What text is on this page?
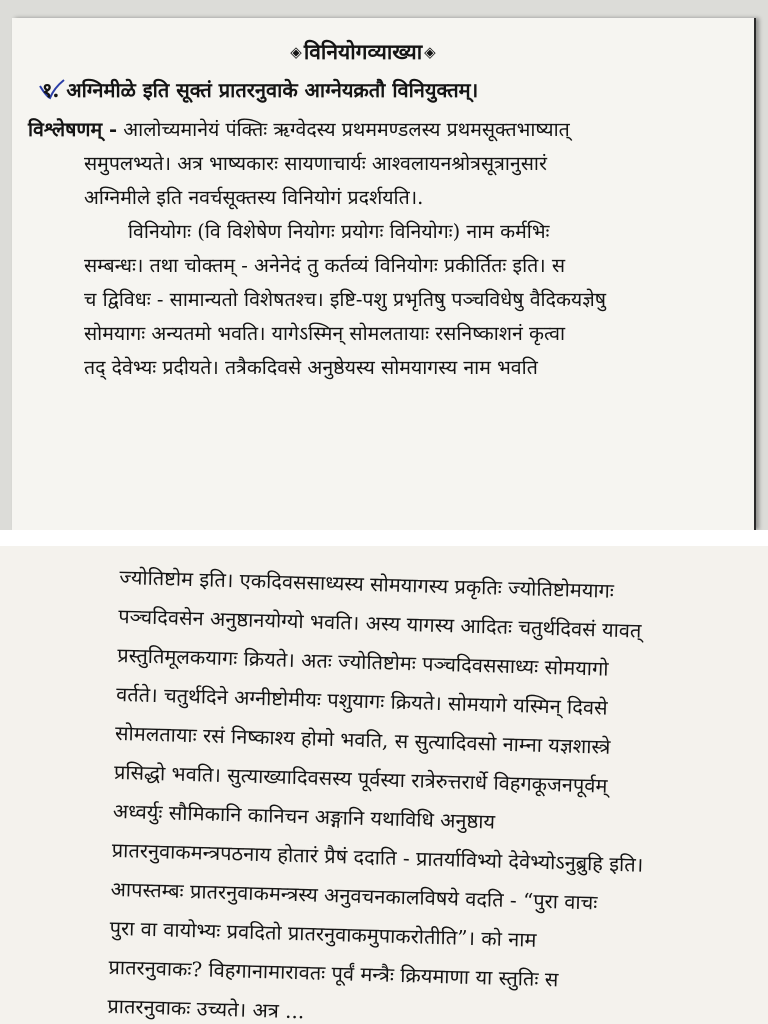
◈विनियोगव्याख्या ◈
१. अग्निमीळे इति सूक्तं प्रातरनुवाके आग्नेयक्रतौ विनियुक्तम्।
विश्लेषणम् - आलोच्यमानेयं पंक्तिः ऋग्वेदस्य प्रथममण्डलस्य प्रथमसूक्तभाष्यात्
समुपलभ्यते। अत्र भाष्यकारः सायणाचार्यः आश्वलायनश्रोत्रसूत्रानुसारं
अग्निमीले इति नवर्चसूक्तस्य विनियोगं प्रदर्शयति।.
विनियोगः (वि विशेषेण नियोगः प्रयोगः विनियोगः) नाम कर्मभिः
सम्बन्धः। तथा चोक्तम् - अनेनेदं तु कर्तव्यं विनियोगः प्रकीर्तितः इति। स
च द्विविधः - सामान्यतो विशेषतश्च। इष्टि-पशु प्रभृतिषु पञ्चविधेषु वैदिकयज्ञेषु
सोमयागः अन्यतमो भवति। यागेऽस्मिन् सोमलतायाः रसनिष्काशनं कृत्वा
तद् देवेभ्यः प्रदीयते। तत्रैकदिवसे अनुष्ठेयस्य सोमयागस्य नाम भवति
ज्योतिष्टोम इति। एकदिवससाध्यस्य सोमयागस्य प्रकृतिः ज्योतिष्टोमयागः
पञ्चदिवसेन अनुष्ठानयोग्यो भवति। अस्य यागस्य आदितः चतुर्थदिवसं यावत्
प्रस्तुतिमूलकयागः क्रियते। अतः ज्योतिष्टोमः पञ्चदिवससाध्यः सोमयागो
वर्तते। चतुर्थदिने अग्नीष्टोमीयः पशुयागः क्रियते। सोमयागे यस्मिन् दिवसे
सोमलतायाः रसं निष्काश्य होमो भवति, स सुत्यादिवसो नाम्ना यज्ञशास्त्रे
प्रसिद्धो भवति। सुत्याख्यादिवसस्य पूर्वस्या रात्रेरुत्तरार्धे विहगकूजनपूर्वम्
अध्वर्युः सौमिकानि कानिचन अङ्गानि यथाविधि अनुष्ठाय
प्रातरनुवाकमन्त्रपठनाय होतारं प्रैषं ददाति - प्रातर्याविभ्यो देवेभ्योऽनुब्रुहि इति।
आपस्तम्बः प्रातरनुवाकमन्त्रस्य अनुवचनकालविषये वदति - “पुरा वाचः
पुरा वा वायोभ्यः प्रवदितो प्रातरनुवाकमुपाकरोतीति”। को नाम
प्रातरनुवाकः? विहगानामारावतः पूर्वं मन्त्रैः क्रियमाणा या स्तुतिः स
प्रातरनुवाकः उच्यते। अत्र ...
